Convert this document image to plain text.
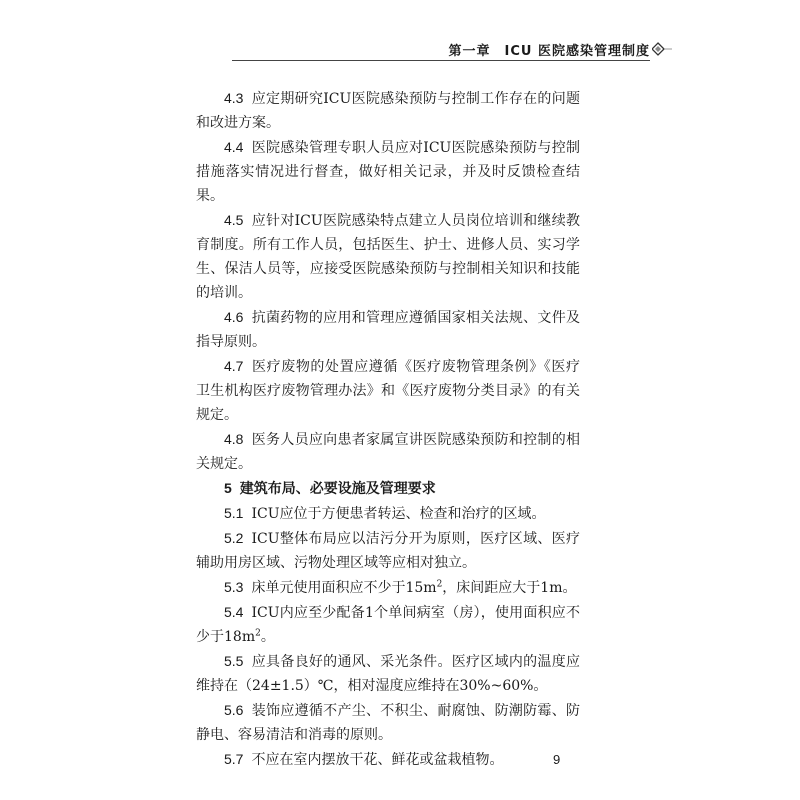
第一章　ICU 医院感染管理制度

4.3 应定期研究ICU医院感染预防与控制工作存在的问题和改进方案。

4.4 医院感染管理专职人员应对ICU医院感染预防与控制措施落实情况进行督查，做好相关记录，并及时反馈检查结果。

4.5 应针对ICU医院感染特点建立人员岗位培训和继续教育制度。所有工作人员，包括医生、护士、进修人员、实习学生、保洁人员等，应接受医院感染预防与控制相关知识和技能的培训。

4.6 抗菌药物的应用和管理应遵循国家相关法规、文件及指导原则。

4.7 医疗废物的处置应遵循《医疗废物管理条例》《医疗卫生机构医疗废物管理办法》和《医疗废物分类目录》的有关规定。

4.8 医务人员应向患者家属宣讲医院感染预防和控制的相关规定。

5 建筑布局、必要设施及管理要求

5.1 ICU应位于方便患者转运、检查和治疗的区域。

5.2 ICU整体布局应以洁污分开为原则，医疗区域、医疗辅助用房区域、污物处理区域等应相对独立。

5.3 床单元使用面积应不少于$15m^2$，床间距应大于1m。

5.4 ICU内应至少配备1个单间病室（房），使用面积应不少于$18m^2$。

5.5 应具备良好的通风、采光条件。医疗区域内的温度应维持在（24±1.5）℃，相对湿度应维持在30%~60%。

5.6 装饰应遵循不产尘、不积尘、耐腐蚀、防潮防霉、防静电、容易清洁和消毒的原则。

5.7 不应在室内摆放干花、鲜花或盆栽植物。	9
